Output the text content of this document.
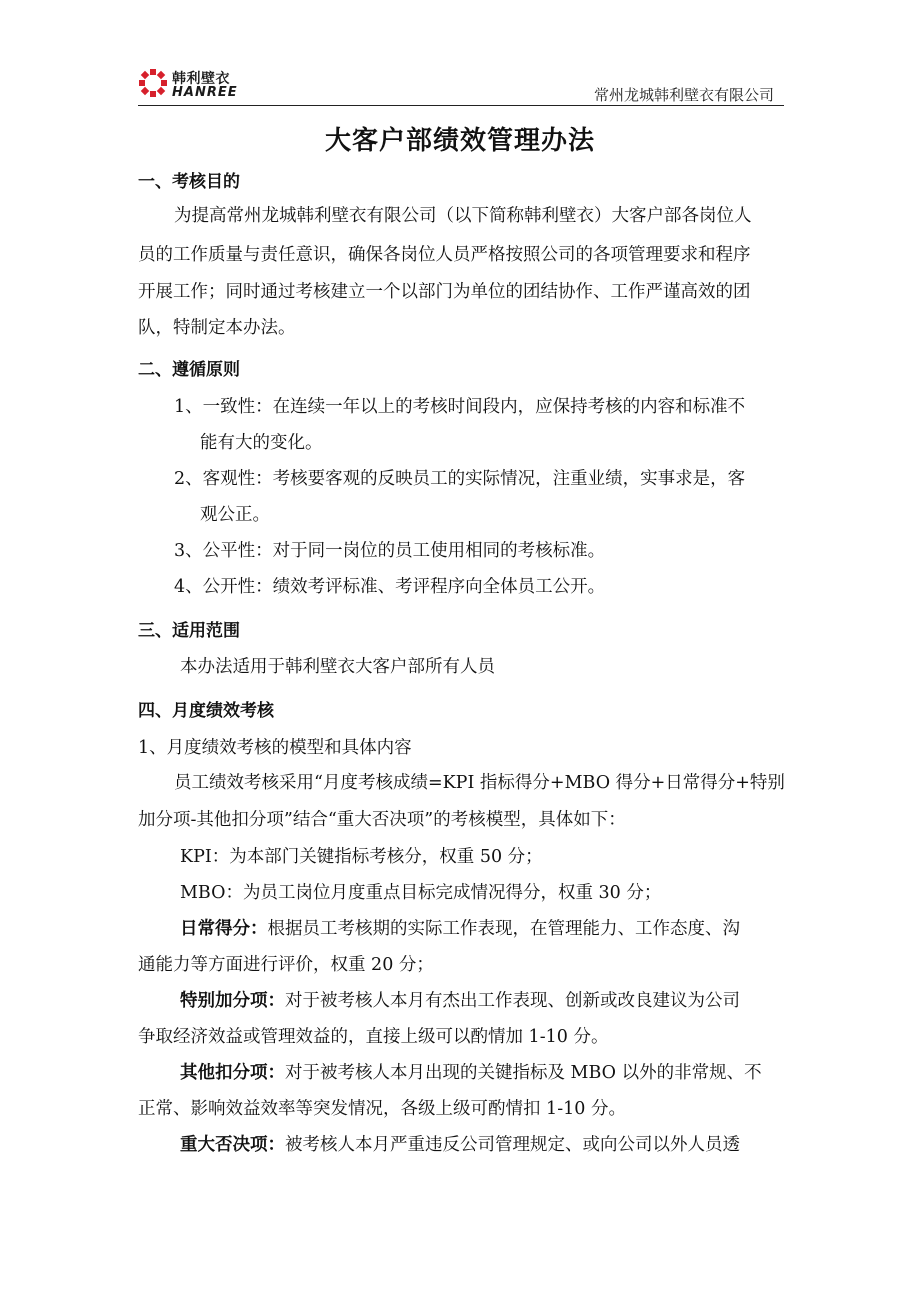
韩利壁衣
HANREE	常州龙城韩利壁衣有限公司
大客户部绩效管理办法
一、考核目的
为提高常州龙城韩利壁衣有限公司（以下简称韩利壁衣）大客户部各岗位人
员的工作质量与责任意识，确保各岗位人员严格按照公司的各项管理要求和程序
开展工作；同时通过考核建立一个以部门为单位的团结协作、工作严谨高效的团
队，特制定本办法。
二、遵循原则
1、一致性：在连续一年以上的考核时间段内，应保持考核的内容和标准不
能有大的变化。
2、客观性：考核要客观的反映员工的实际情况，注重业绩，实事求是，客
观公正。
3、公平性：对于同一岗位的员工使用相同的考核标准。
4、公开性：绩效考评标准、考评程序向全体员工公开。
三、适用范围
本办法适用于韩利壁衣大客户部所有人员
四、月度绩效考核
1、月度绩效考核的模型和具体内容
员工绩效考核采用“月度考核成绩=KPI 指标得分+MBO 得分+日常得分+特别
加分项-其他扣分项”结合“重大否决项”的考核模型，具体如下：
KPI：为本部门关键指标考核分，权重 50 分；
MBO：为员工岗位月度重点目标完成情况得分，权重 30 分；
日常得分：根据员工考核期的实际工作表现，在管理能力、工作态度、沟
通能力等方面进行评价，权重 20 分；
特别加分项：对于被考核人本月有杰出工作表现、创新或改良建议为公司
争取经济效益或管理效益的，直接上级可以酌情加 1-10 分。
其他扣分项：对于被考核人本月出现的关键指标及 MBO 以外的非常规、不
正常、影响效益效率等突发情况，各级上级可酌情扣 1-10 分。
重大否决项：被考核人本月严重违反公司管理规定、或向公司以外人员透
